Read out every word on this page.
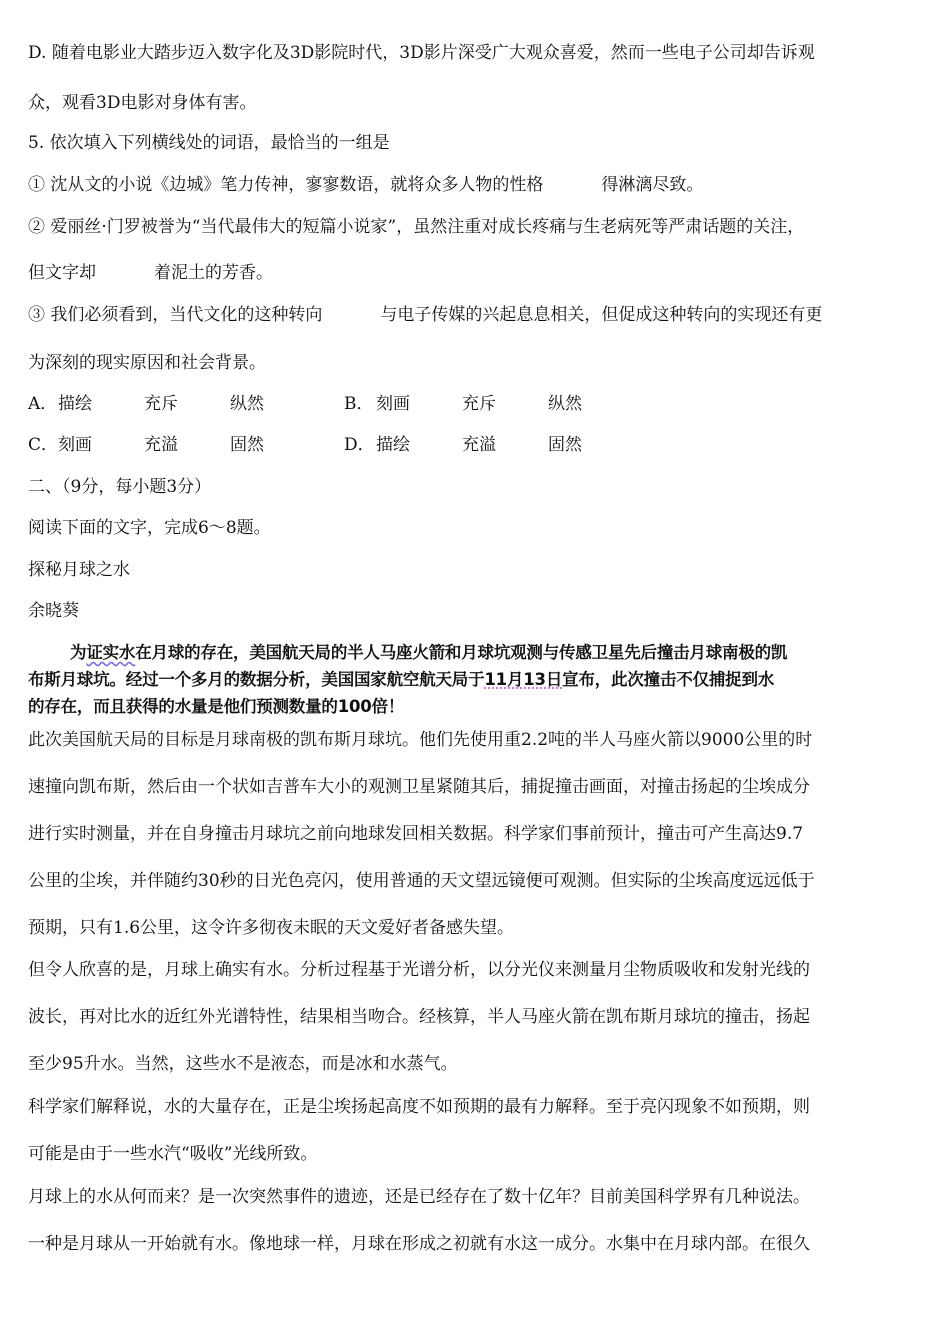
D. 随着电影业大踏步迈入数字化及3D影院时代，3D影片深受广大观众喜爱，然而一些电子公司却告诉观
众，观看3D电影对身体有害。
5. 依次填入下列横线处的词语，最恰当的一组是
① 沈从文的小说《边城》笔力传神，寥寥数语，就将众多人物的性格	得淋漓尽致。
② 爱丽丝·门罗被誉为“当代最伟大的短篇小说家”，虽然注重对成长疼痛与生老病死等严肃话题的关注，
但文字却	着泥土的芳香。
③ 我们必须看到，当代文化的这种转向	与电子传媒的兴起息息相关，但促成这种转向的实现还有更
为深刻的现实原因和社会背景。
A． 描绘	充斥	纵然	B． 刻画	充斥	纵然
C． 刻画	充溢	固然	D． 描绘	充溢	固然
二、（9分，每小题3分）
阅读下面的文字，完成6～8题。
探秘月球之水
余晓葵
为证实水在月球的存在，美国航天局的半人马座火箭和月球坑观测与传感卫星先后撞击月球南极的凯
布斯月球坑。经过一个多月的数据分析，美国国家航空航天局于11月13日宣布，此次撞击不仅捕捉到水
的存在，而且获得的水量是他们预测数量的100倍！
此次美国航天局的目标是月球南极的凯布斯月球坑。他们先使用重2.2吨的半人马座火箭以9000公里的时
速撞向凯布斯，然后由一个状如吉普车大小的观测卫星紧随其后，捕捉撞击画面，对撞击扬起的尘埃成分
进行实时测量，并在自身撞击月球坑之前向地球发回相关数据。科学家们事前预计，撞击可产生高达9.7
公里的尘埃，并伴随约30秒的日光色亮闪，使用普通的天文望远镜便可观测。但实际的尘埃高度远远低于
预期，只有1.6公里，这令许多彻夜未眠的天文爱好者备感失望。
但令人欣喜的是，月球上确实有水。分析过程基于光谱分析，以分光仪来测量月尘物质吸收和发射光线的
波长，再对比水的近红外光谱特性，结果相当吻合。经核算，半人马座火箭在凯布斯月球坑的撞击，扬起
至少95升水。当然，这些水不是液态，而是冰和水蒸气。
科学家们解释说，水的大量存在，正是尘埃扬起高度不如预期的最有力解释。至于亮闪现象不如预期，则
可能是由于一些水汽“吸收”光线所致。
月球上的水从何而来？是一次突然事件的遗迹，还是已经存在了数十亿年？目前美国科学界有几种说法。
一种是月球从一开始就有水。像地球一样，月球在形成之初就有水这一成分。水集中在月球内部。在很久
